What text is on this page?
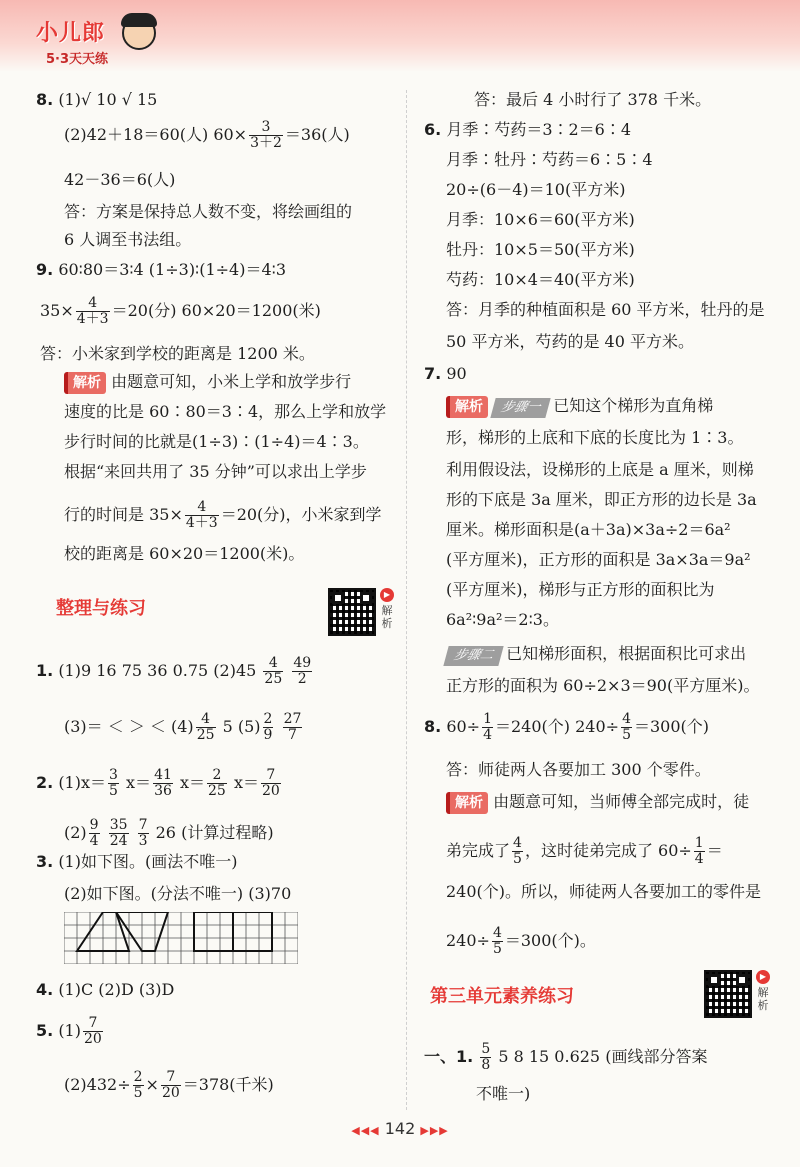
小儿郎
5·3天天练
8. (1)√ 10 √ 15
(2)42＋18＝60(人) $60\times \frac{3}{3+2} =36$(人)
42－36＝6(人)
答：方案是保持总人数不变，将绘画组的
6 人调至书法组。
9. 60∶80＝3∶4 (1÷3)∶(1÷4)＝4∶3
$35\times \frac{4}{4+3} =20$(分) 60×20＝1200(米)
答：小米家到学校的距离是 1200 米。
解析 由题意可知，小米上学和放学步行
速度的比是 60∶80＝3∶4，那么上学和放学
步行时间的比就是(1÷3)∶(1÷4)＝4∶3。
根据“来回共用了 35 分钟”可以求出上学步
行的时间是 $35\times \frac{4}{4+3} =20$(分)，小米家到学
校的距离是 60×20＝1200(米)。
整理与练习
▶
解析
1. (1)9 16 75 36 0.75 $(2)45 \frac{4}{25}$
$\frac{49}{2}$
(3)＝ ＜ ＞ ＜ $(4) \frac{4}{25} 5$ $(5) \frac{2}{9}$
$\frac{27}{7}$
2. $(1)x= \frac{3}{5} x= \frac{41}{36} x= \frac{2}{25} x= \frac{7}{20}$
$(2) \frac{9}{4}$
$\frac{35}{24}$
$\frac{7}{3} 26$ (计算过程略)
3. (1)如下图。(画法不唯一)
(2)如下图。(分法不唯一) (3)70
4. (1)C (2)D (3)D
5. $(1) \frac{7}{20}$
$(2)432\div \frac{2}{5} \times \frac{7}{20} =378$(千米)
答：最后 4 小时行了 378 千米。
6. 月季∶芍药＝3∶2＝6∶4
月季∶牡丹∶芍药＝6∶5∶4
20÷(6－4)＝10(平方米)
月季：10×6＝60(平方米)
牡丹：10×5＝50(平方米)
芍药：10×4＝40(平方米)
答：月季的种植面积是 60 平方米，牡丹的是
50 平方米，芍药的是 40 平方米。
7. 90
解析 步骤一 已知这个梯形为直角梯
形，梯形的上底和下底的长度比为 1∶3。
利用假设法，设梯形的上底是 a 厘米，则梯
形的下底是 3a 厘米，即正方形的边长是 3a
厘米。梯形面积是(a＋3a)×3a÷2＝6a²
(平方厘米)，正方形的面积是 3a×3a＝9a²
(平方厘米)，梯形与正方形的面积比为
6a²∶9a²＝2∶3。
步骤二 已知梯形面积，根据面积比可求出
正方形的面积为 60÷2×3＝90(平方厘米)。
8. $60\div \frac{1}{4} =240$(个) $240\div \frac{4}{5} =300$(个)
答：师徒两人各要加工 300 个零件。
解析 由题意可知，当师傅全部完成时，徒
弟完成了 $\frac{4}{5}$ ，这时徒弟完成了 $60\div \frac{1}{4}$ ＝
240(个)。所以，师徒两人各要加工的零件是
$240\div \frac{4}{5} =300$(个)。
第三单元素养练习
▶
解析
一、1. $\frac{5}{8} 5$ 8 15 0.625 (画线部分答案
不唯一)
◀◀◀ 142 ▶▶▶
